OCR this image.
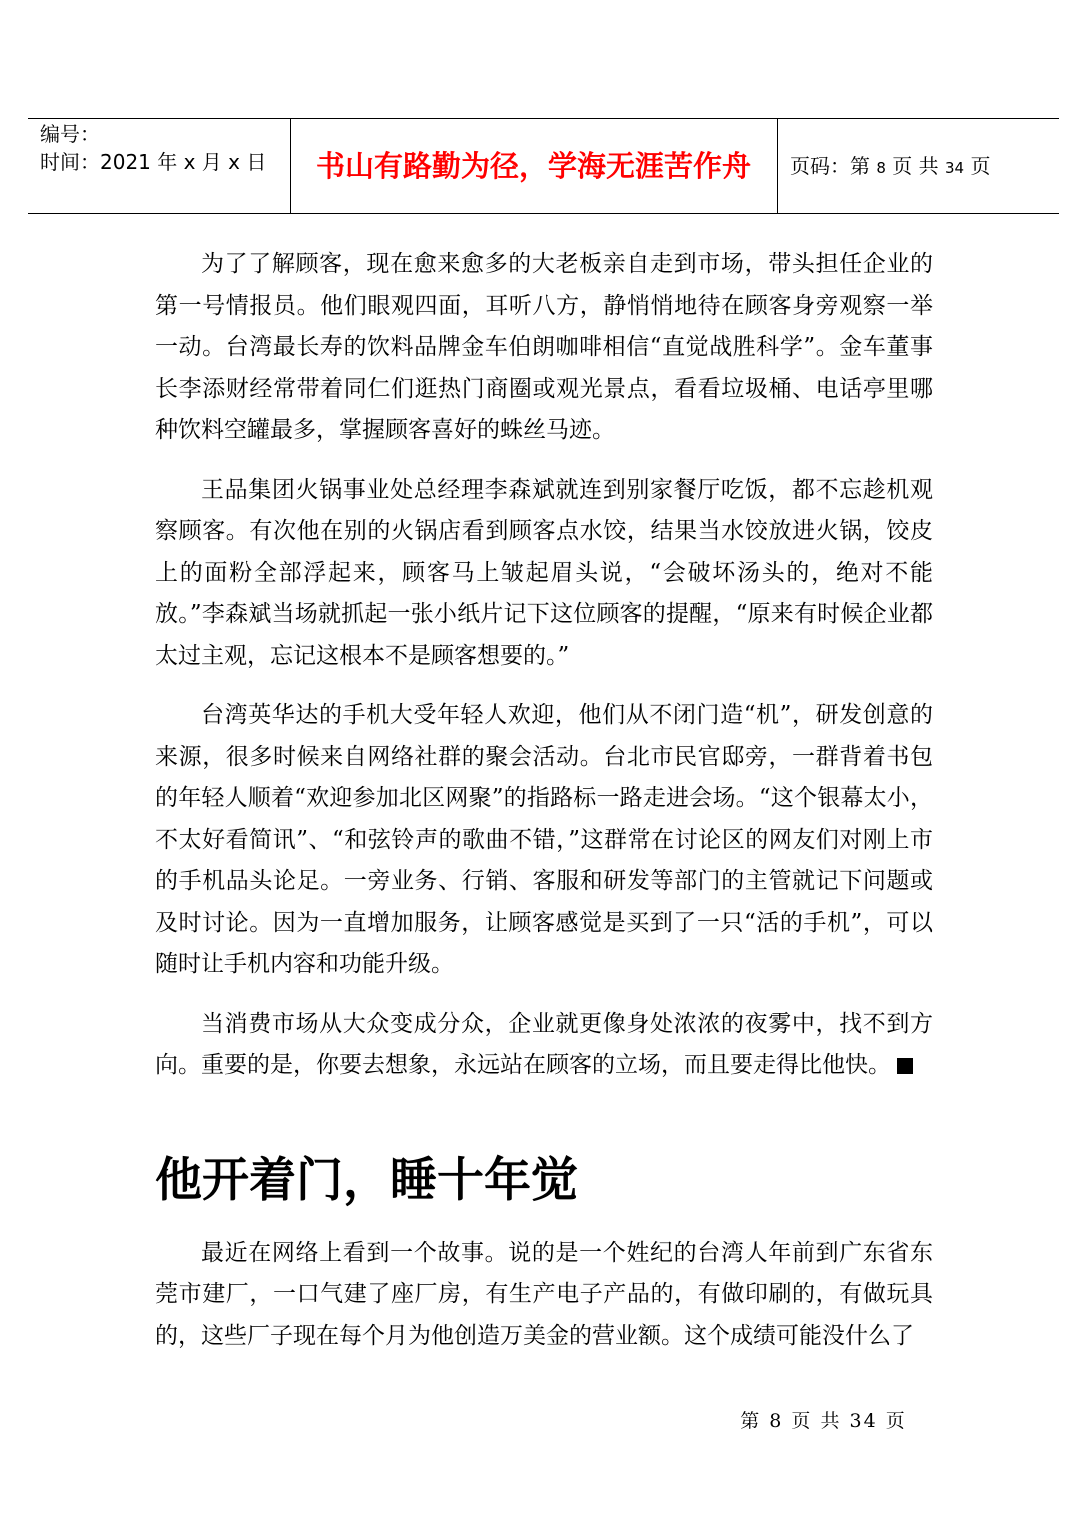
编号：
时间：2021 年 x 月 x 日	书山有路勤为径，学海无涯苦作舟	页码：第 8 页 共 34 页

为了了解顾客，现在愈来愈多的大老板亲自走到市场，带头担任企业的第一号情报员。他们眼观四面，耳听八方，静悄悄地待在顾客身旁观察一举一动。台湾最长寿的饮料品牌金车伯朗咖啡相信“直觉战胜科学”。金车董事长李添财经常带着同仁们逛热门商圈或观光景点，看看垃圾桶、电话亭里哪种饮料空罐最多，掌握顾客喜好的蛛丝马迹。

王品集团火锅事业处总经理李森斌就连到别家餐厅吃饭，都不忘趁机观察顾客。有次他在别的火锅店看到顾客点水饺，结果当水饺放进火锅，饺皮上的面粉全部浮起来，顾客马上皱起眉头说，“会破坏汤头的，绝对不能放。”李森斌当场就抓起一张小纸片记下这位顾客的提醒，“原来有时候企业都太过主观，忘记这根本不是顾客想要的。”

台湾英华达的手机大受年轻人欢迎，他们从不闭门造“机”，研发创意的来源，很多时候来自网络社群的聚会活动。台北市民官邸旁，一群背着书包的年轻人顺着“欢迎参加北区网聚”的指路标一路走进会场。“这个银幕太小，不太好看简讯”、“和弦铃声的歌曲不错，”这群常在讨论区的网友们对刚上市的手机品头论足。一旁业务、行销、客服和研发等部门的主管就记下问题或及时讨论。因为一直增加服务，让顾客感觉是买到了一只“活的手机”，可以随时让手机内容和功能升级。

当消费市场从大众变成分众，企业就更像身处浓浓的夜雾中，找不到方向。重要的是，你要去想象，永远站在顾客的立场，而且要走得比他快。

他开着门，睡十年觉

最近在网络上看到一个故事。说的是一个姓纪的台湾人年前到广东省东莞市建厂，一口气建了座厂房，有生产电子产品的，有做印刷的，有做玩具的，这些厂子现在每个月为他创造万美金的营业额。这个成绩可能没什么了

第 8 页 共 34 页
